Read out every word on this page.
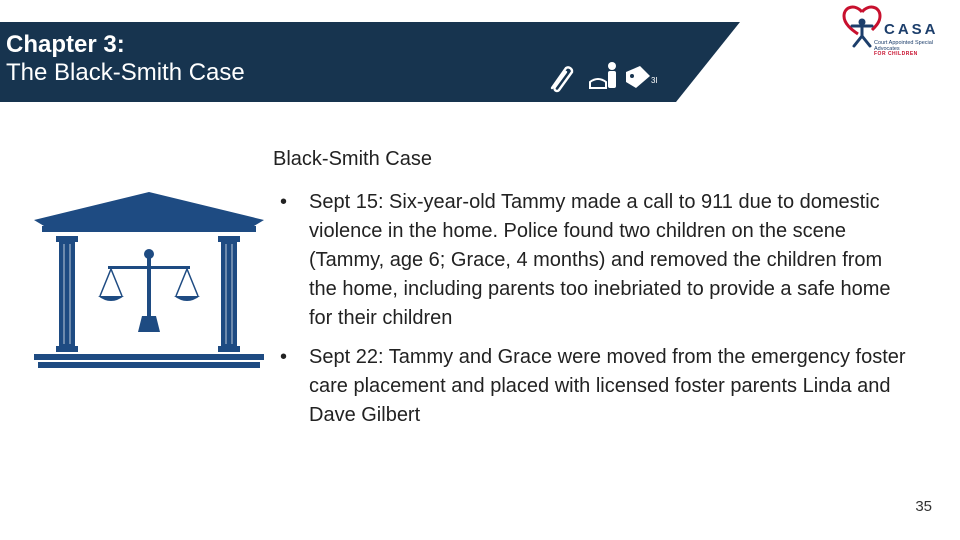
Chapter 3:
The Black-Smith Case	3I
CASA
Court Appointed Special Advocates
FOR CHILDREN
Black-Smith Case
• Sept 15: Six-year-old Tammy made a call to 911 due to domestic violence in the home. Police found two children on the scene (Tammy, age 6; Grace, 4 months) and removed the children from the home, including parents too inebriated to provide a safe home for their children
• Sept 22: Tammy and Grace were moved from the emergency foster care placement and placed with licensed foster parents Linda and Dave Gilbert
35
